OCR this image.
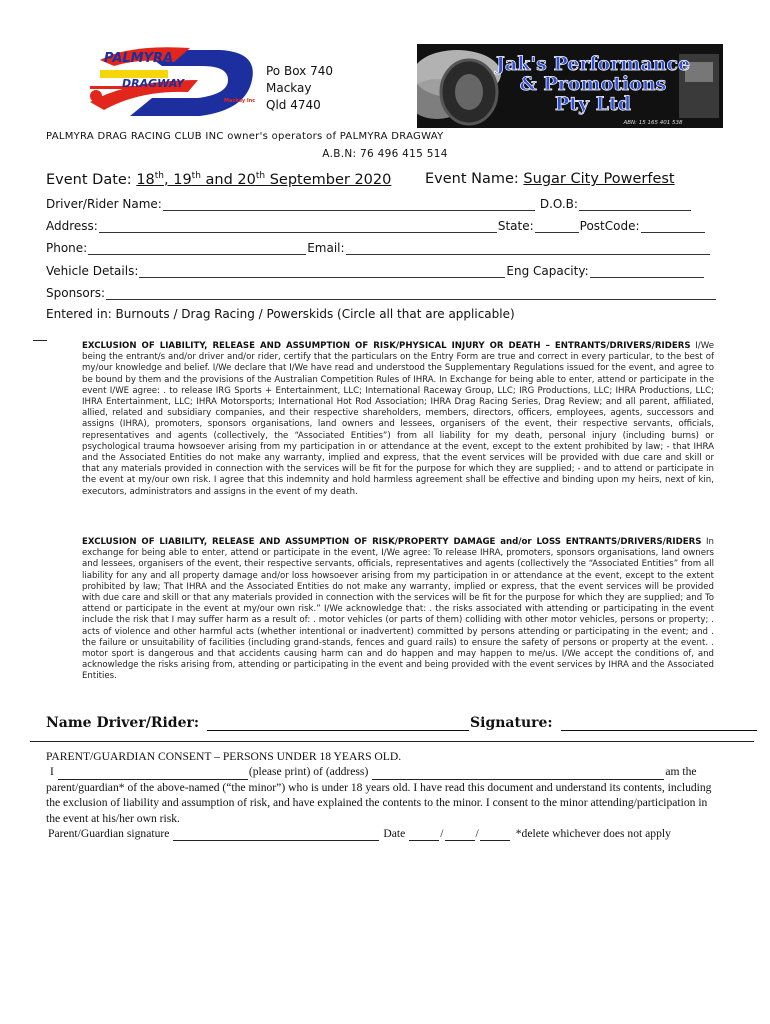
PALMYRA
DRAGWAY
Mackay Inc
Po Box 740
Mackay
Qld 4740
Jak's Performance
& Promotions
Pty Ltd
ABN: 15 165 401 538
PALMYRA DRAG RACING CLUB INC owner's operators of PALMYRA DRAGWAY
A.B.N: 76 496 415 514
Event Date: 18th, 19th and 20th September 2020 Event Name: Sugar City Powerfest
Driver/Rider Name:	D.O.B:
Address:	State:	PostCode:
Phone:	Email:
Vehicle Details:	Eng Capacity:
Sponsors:
Entered in: Burnouts / Drag Racing / Powerskids (Circle all that are applicable)
EXCLUSION OF LIABILITY, RELEASE AND ASSUMPTION OF RISK/PHYSICAL INJURY OR DEATH – ENTRANTS/DRIVERS/RIDERS I/We being the entrant/s and/or driver and/or rider, certify that the particulars on the Entry Form are true and correct in every particular, to the best of my/our knowledge and belief. I/We declare that I/We have read and understood the Supplementary Regulations issued for the event, and agree to be bound by them and the provisions of the Australian Competition Rules of IHRA. In Exchange for being able to enter, attend or participate in the event I/WE agree: . to release IRG Sports + Entertainment, LLC; International Raceway Group, LLC; IRG Productions, LLC; IHRA Productions, LLC; IHRA Entertainment, LLC; IHRA Motorsports; International Hot Rod Association; IHRA Drag Racing Series, Drag Review; and all parent, affiliated, allied, related and subsidiary companies, and their respective shareholders, members, directors, officers, employees, agents, successors and assigns (IHRA), promoters, sponsors organisations, land owners and lessees, organisers of the event, their respective servants, officials, representatives and agents (collectively, the “Associated Entities”) from all liability for my death, personal injury (including burns) or psychological trauma howsoever arising from my participation in or attendance at the event, except to the extent prohibited by law; - that IHRA and the Associated Entities do not make any warranty, implied and express, that the event services will be provided with due care and skill or that any materials provided in connection with the services will be fit for the purpose for which they are supplied; - and to attend or participate in the event at my/our own risk. I agree that this indemnity and hold harmless agreement shall be effective and binding upon my heirs, next of kin, executors, administrators and assigns in the event of my death.
EXCLUSION OF LIABILITY, RELEASE AND ASSUMPTION OF RISK/PROPERTY DAMAGE and/or LOSS ENTRANTS/DRIVERS/RIDERS In exchange for being able to enter, attend or participate in the event, I/We agree: To release IHRA, promoters, sponsors organisations, land owners and lessees, organisers of the event, their respective servants, officials, representatives and agents (collectively the “Associated Entities” from all liability for any and all property damage and/or loss howsoever arising from my participation in or attendance at the event, except to the extent prohibited by law; That IHRA and the Associated Entities do not make any warranty, implied or express, that the event services will be provided with due care and skill or that any materials provided in connection with the services will be fit for the purpose for which they are supplied; and To attend or participate in the event at my/our own risk.” I/We acknowledge that: . the risks associated with attending or participating in the event include the risk that I may suffer harm as a result of: . motor vehicles (or parts of them) colliding with other motor vehicles, persons or property; . acts of violence and other harmful acts (whether intentional or inadvertent) committed by persons attending or participating in the event; and . the failure or unsuitability of facilities (including grand-stands, fences and guard rails) to ensure the safety of persons or property at the event. . motor sport is dangerous and that accidents causing harm can and do happen and may happen to me/us. I/We accept the conditions of, and acknowledge the risks arising from, attending or participating in the event and being provided with the event services by IHRA and the Associated Entities.
Name Driver/Rider:	Signature:
PARENT/GUARDIAN CONSENT – PERSONS UNDER 18 YEARS OLD.
I	(please print) of (address)	am the
parent/guardian* of the above-named (“the minor”) who is under 18 years old. I have read this document and understand its contents, including the exclusion of liability and assumption of risk, and have explained the contents to the minor. I consent to the minor attending/participation in the event at his/her own risk.
Parent/Guardian signature	Date	/	/	*delete whichever does not apply
